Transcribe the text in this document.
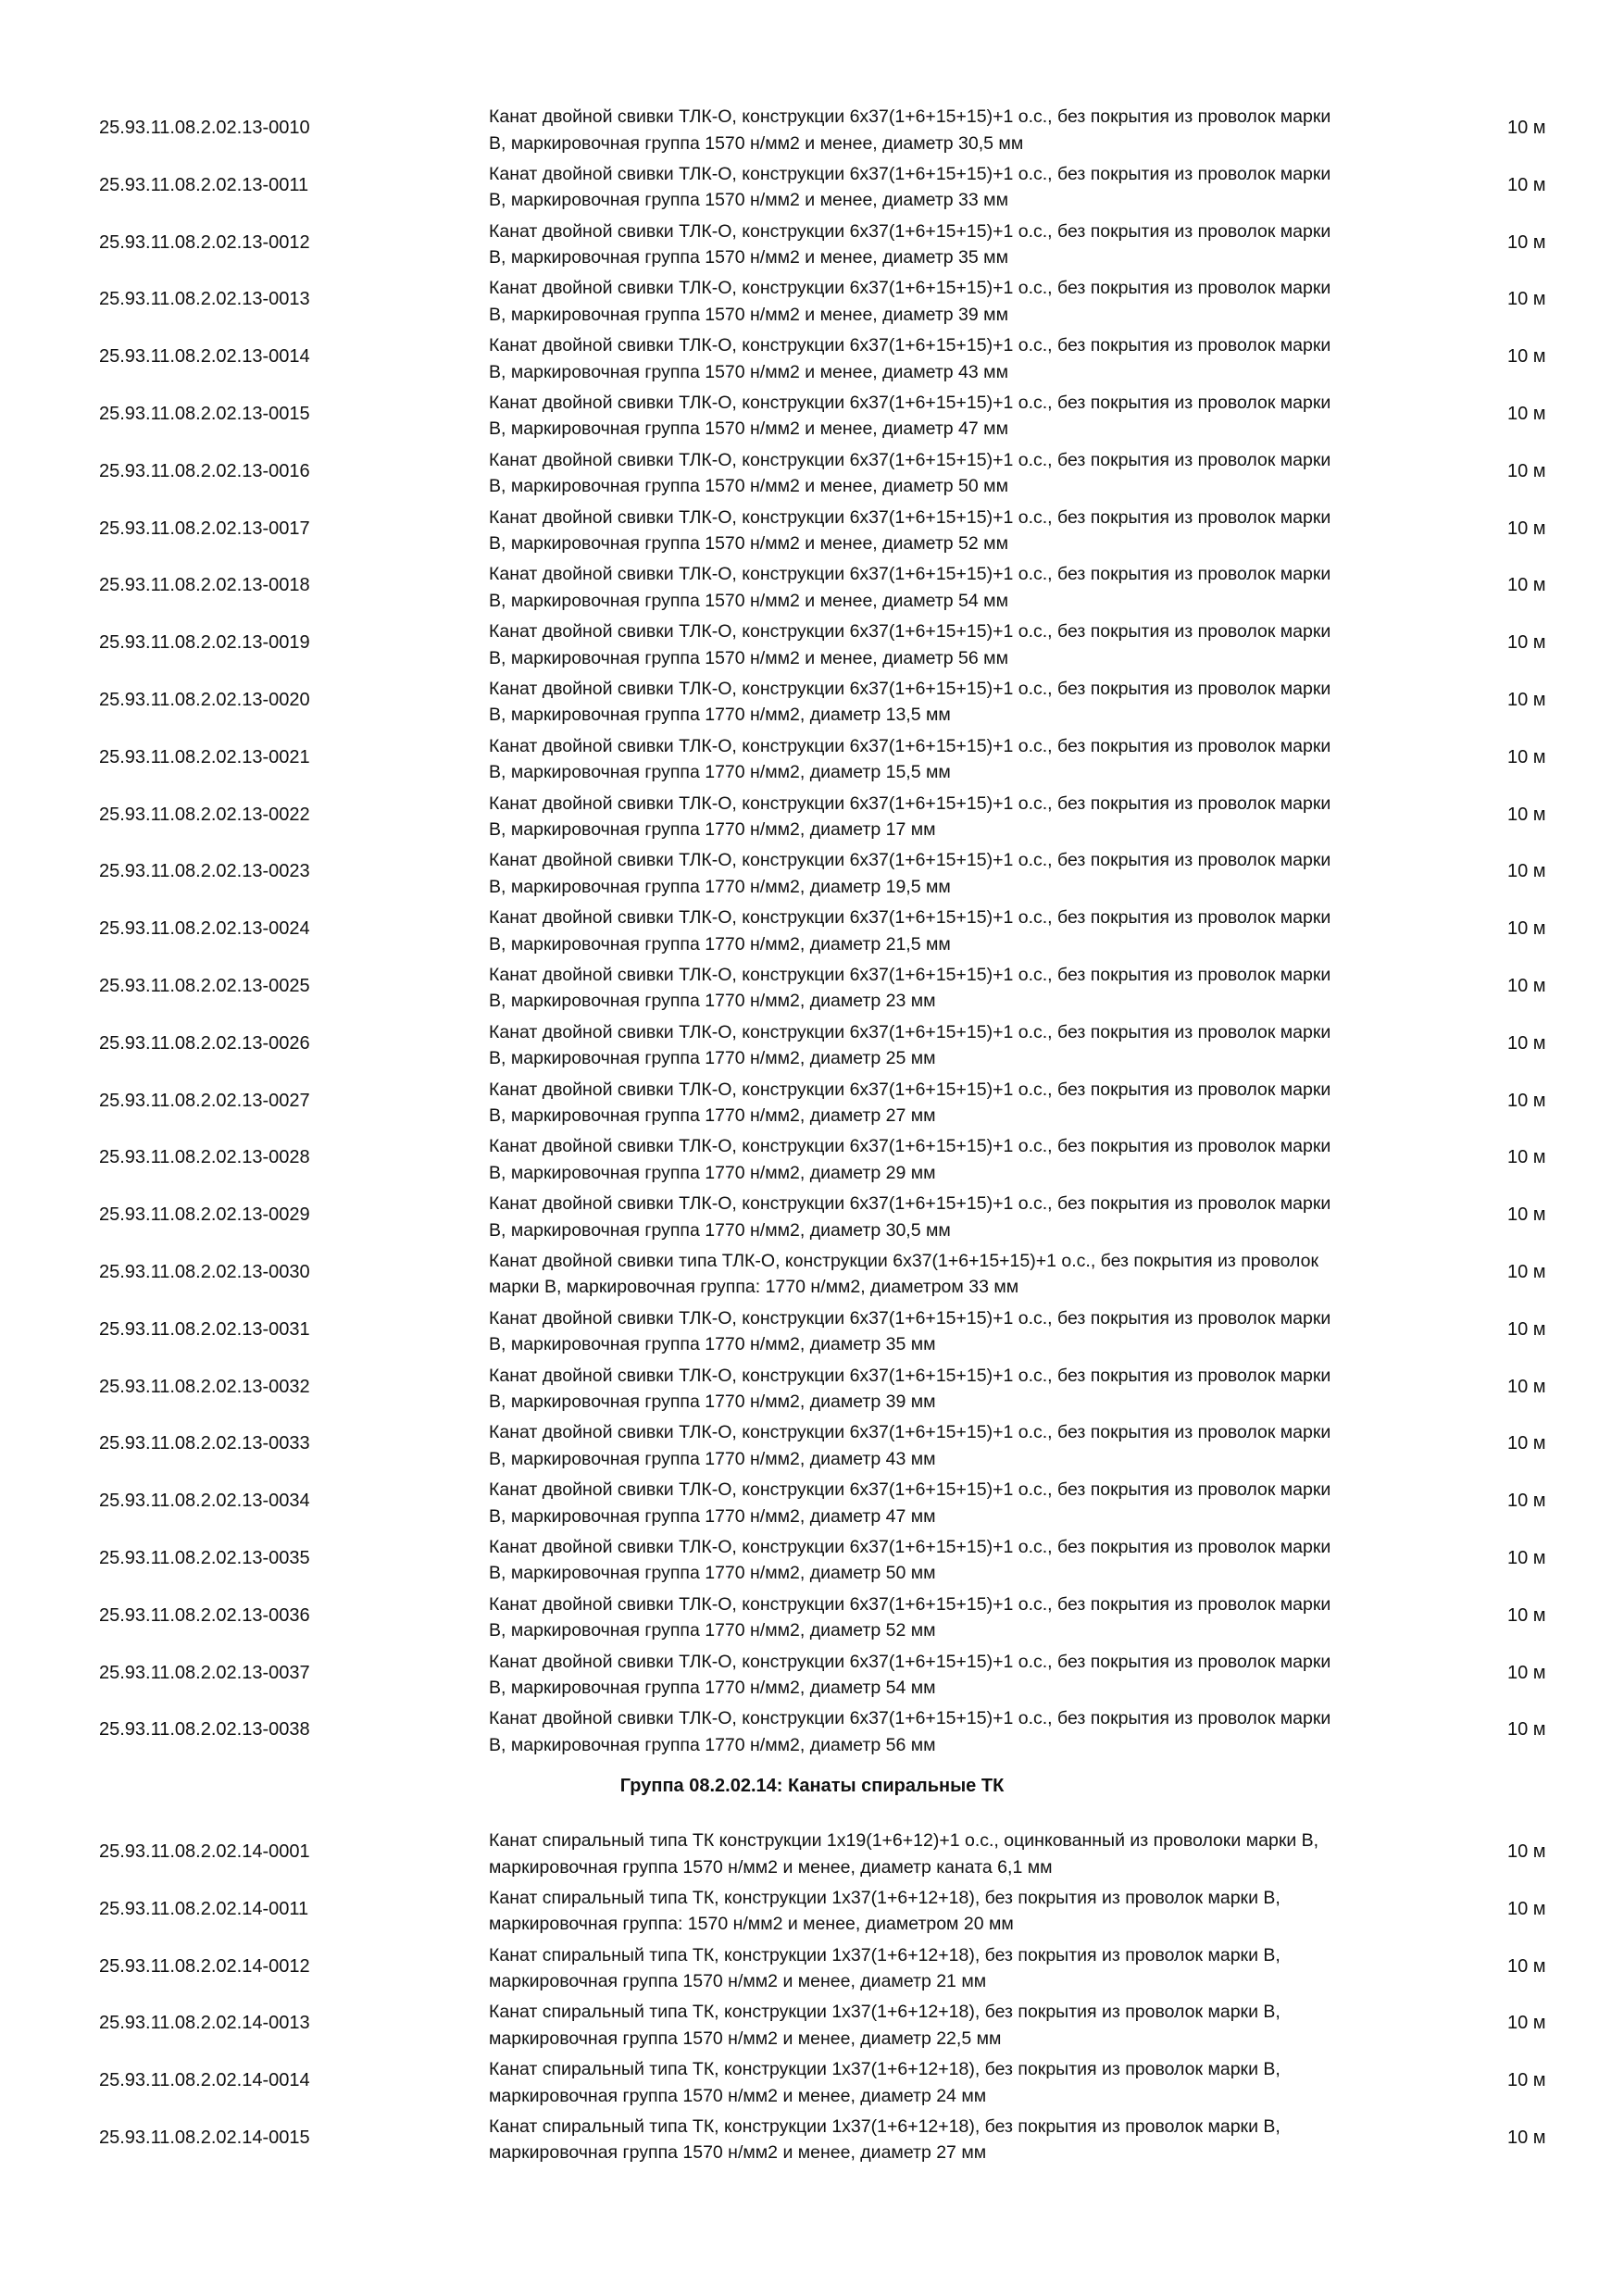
25.93.11.08.2.02.13-0010
Канат двойной свивки ТЛК-О, конструкции 6х37(1+6+15+15)+1 о.с., без покрытия из проволок марки
В, маркировочная группа 1570 н/мм2 и менее, диаметр 30,5 мм
10 м
25.93.11.08.2.02.13-0011
Канат двойной свивки ТЛК-О, конструкции 6х37(1+6+15+15)+1 о.с., без покрытия из проволок марки
В, маркировочная группа 1570 н/мм2 и менее, диаметр 33 мм
10 м
25.93.11.08.2.02.13-0012
Канат двойной свивки ТЛК-О, конструкции 6х37(1+6+15+15)+1 о.с., без покрытия из проволок марки
В, маркировочная группа 1570 н/мм2 и менее, диаметр 35 мм
10 м
25.93.11.08.2.02.13-0013
Канат двойной свивки ТЛК-О, конструкции 6х37(1+6+15+15)+1 о.с., без покрытия из проволок марки
В, маркировочная группа 1570 н/мм2 и менее, диаметр 39 мм
10 м
25.93.11.08.2.02.13-0014
Канат двойной свивки ТЛК-О, конструкции 6х37(1+6+15+15)+1 о.с., без покрытия из проволок марки
В, маркировочная группа 1570 н/мм2 и менее, диаметр 43 мм
10 м
25.93.11.08.2.02.13-0015
Канат двойной свивки ТЛК-О, конструкции 6х37(1+6+15+15)+1 о.с., без покрытия из проволок марки
В, маркировочная группа 1570 н/мм2 и менее, диаметр 47 мм
10 м
25.93.11.08.2.02.13-0016
Канат двойной свивки ТЛК-О, конструкции 6х37(1+6+15+15)+1 о.с., без покрытия из проволок марки
В, маркировочная группа 1570 н/мм2 и менее, диаметр 50 мм
10 м
25.93.11.08.2.02.13-0017
Канат двойной свивки ТЛК-О, конструкции 6х37(1+6+15+15)+1 о.с., без покрытия из проволок марки
В, маркировочная группа 1570 н/мм2 и менее, диаметр 52 мм
10 м
25.93.11.08.2.02.13-0018
Канат двойной свивки ТЛК-О, конструкции 6х37(1+6+15+15)+1 о.с., без покрытия из проволок марки
В, маркировочная группа 1570 н/мм2 и менее, диаметр 54 мм
10 м
25.93.11.08.2.02.13-0019
Канат двойной свивки ТЛК-О, конструкции 6х37(1+6+15+15)+1 о.с., без покрытия из проволок марки
В, маркировочная группа 1570 н/мм2 и менее, диаметр 56 мм
10 м
25.93.11.08.2.02.13-0020
Канат двойной свивки ТЛК-О, конструкции 6х37(1+6+15+15)+1 о.с., без покрытия из проволок марки
В, маркировочная группа 1770 н/мм2, диаметр 13,5 мм
10 м
25.93.11.08.2.02.13-0021
Канат двойной свивки ТЛК-О, конструкции 6х37(1+6+15+15)+1 о.с., без покрытия из проволок марки
В, маркировочная группа 1770 н/мм2, диаметр 15,5 мм
10 м
25.93.11.08.2.02.13-0022
Канат двойной свивки ТЛК-О, конструкции 6х37(1+6+15+15)+1 о.с., без покрытия из проволок марки
В, маркировочная группа 1770 н/мм2, диаметр 17 мм
10 м
25.93.11.08.2.02.13-0023
Канат двойной свивки ТЛК-О, конструкции 6х37(1+6+15+15)+1 о.с., без покрытия из проволок марки
В, маркировочная группа 1770 н/мм2, диаметр 19,5 мм
10 м
25.93.11.08.2.02.13-0024
Канат двойной свивки ТЛК-О, конструкции 6х37(1+6+15+15)+1 о.с., без покрытия из проволок марки
В, маркировочная группа 1770 н/мм2, диаметр 21,5 мм
10 м
25.93.11.08.2.02.13-0025
Канат двойной свивки ТЛК-О, конструкции 6х37(1+6+15+15)+1 о.с., без покрытия из проволок марки
В, маркировочная группа 1770 н/мм2, диаметр 23 мм
10 м
25.93.11.08.2.02.13-0026
Канат двойной свивки ТЛК-О, конструкции 6х37(1+6+15+15)+1 о.с., без покрытия из проволок марки
В, маркировочная группа 1770 н/мм2, диаметр 25 мм
10 м
25.93.11.08.2.02.13-0027
Канат двойной свивки ТЛК-О, конструкции 6х37(1+6+15+15)+1 о.с., без покрытия из проволок марки
В, маркировочная группа 1770 н/мм2, диаметр 27 мм
10 м
25.93.11.08.2.02.13-0028
Канат двойной свивки ТЛК-О, конструкции 6х37(1+6+15+15)+1 о.с., без покрытия из проволок марки
В, маркировочная группа 1770 н/мм2, диаметр 29 мм
10 м
25.93.11.08.2.02.13-0029
Канат двойной свивки ТЛК-О, конструкции 6х37(1+6+15+15)+1 о.с., без покрытия из проволок марки
В, маркировочная группа 1770 н/мм2, диаметр 30,5 мм
10 м
25.93.11.08.2.02.13-0030
Канат двойной свивки типа ТЛК-О, конструкции 6х37(1+6+15+15)+1 о.с., без покрытия из проволок
марки В, маркировочная группа: 1770 н/мм2, диаметром 33 мм
10 м
25.93.11.08.2.02.13-0031
Канат двойной свивки ТЛК-О, конструкции 6х37(1+6+15+15)+1 о.с., без покрытия из проволок марки
В, маркировочная группа 1770 н/мм2, диаметр 35 мм
10 м
25.93.11.08.2.02.13-0032
Канат двойной свивки ТЛК-О, конструкции 6х37(1+6+15+15)+1 о.с., без покрытия из проволок марки
В, маркировочная группа 1770 н/мм2, диаметр 39 мм
10 м
25.93.11.08.2.02.13-0033
Канат двойной свивки ТЛК-О, конструкции 6х37(1+6+15+15)+1 о.с., без покрытия из проволок марки
В, маркировочная группа 1770 н/мм2, диаметр 43 мм
10 м
25.93.11.08.2.02.13-0034
Канат двойной свивки ТЛК-О, конструкции 6х37(1+6+15+15)+1 о.с., без покрытия из проволок марки
В, маркировочная группа 1770 н/мм2, диаметр 47 мм
10 м
25.93.11.08.2.02.13-0035
Канат двойной свивки ТЛК-О, конструкции 6х37(1+6+15+15)+1 о.с., без покрытия из проволок марки
В, маркировочная группа 1770 н/мм2, диаметр 50 мм
10 м
25.93.11.08.2.02.13-0036
Канат двойной свивки ТЛК-О, конструкции 6х37(1+6+15+15)+1 о.с., без покрытия из проволок марки
В, маркировочная группа 1770 н/мм2, диаметр 52 мм
10 м
25.93.11.08.2.02.13-0037
Канат двойной свивки ТЛК-О, конструкции 6х37(1+6+15+15)+1 о.с., без покрытия из проволок марки
В, маркировочная группа 1770 н/мм2, диаметр 54 мм
10 м
25.93.11.08.2.02.13-0038
Канат двойной свивки ТЛК-О, конструкции 6х37(1+6+15+15)+1 о.с., без покрытия из проволок марки
В, маркировочная группа 1770 н/мм2, диаметр 56 мм
10 м
Группа 08.2.02.14: Канаты спиральные ТК
25.93.11.08.2.02.14-0001
Канат спиральный типа ТК конструкции 1х19(1+6+12)+1 о.с., оцинкованный из проволоки марки В,
маркировочная группа 1570 н/мм2 и менее, диаметр каната 6,1 мм
10 м
25.93.11.08.2.02.14-0011
Канат спиральный типа ТК, конструкции 1х37(1+6+12+18), без покрытия из проволок марки В,
маркировочная группа: 1570 н/мм2 и менее, диаметром 20 мм
10 м
25.93.11.08.2.02.14-0012
Канат спиральный типа ТК, конструкции 1х37(1+6+12+18), без покрытия из проволок марки В,
маркировочная группа 1570 н/мм2 и менее, диаметр 21 мм
10 м
25.93.11.08.2.02.14-0013
Канат спиральный типа ТК, конструкции 1х37(1+6+12+18), без покрытия из проволок марки В,
маркировочная группа 1570 н/мм2 и менее, диаметр 22,5 мм
10 м
25.93.11.08.2.02.14-0014
Канат спиральный типа ТК, конструкции 1х37(1+6+12+18), без покрытия из проволок марки В,
маркировочная группа 1570 н/мм2 и менее, диаметр 24 мм
10 м
25.93.11.08.2.02.14-0015
Канат спиральный типа ТК, конструкции 1х37(1+6+12+18), без покрытия из проволок марки В,
маркировочная группа 1570 н/мм2 и менее, диаметр 27 мм
10 м
